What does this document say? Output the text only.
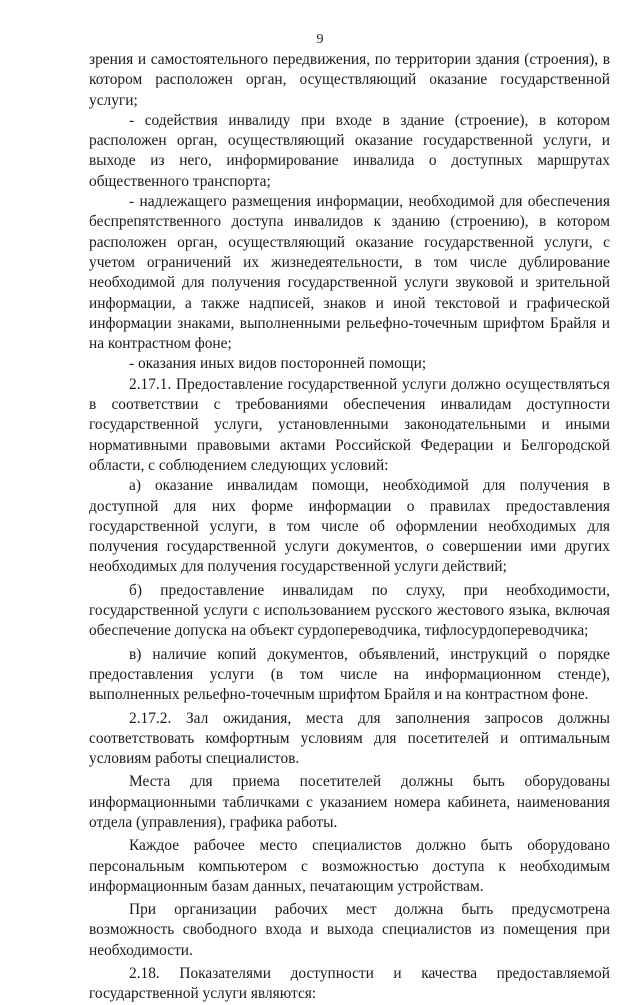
9

зрения и самостоятельного передвижения, по территории здания (строения), в котором расположен орган, осуществляющий оказание государственной услуги;

- содействия инвалиду при входе в здание (строение), в котором расположен орган, осуществляющий оказание государственной услуги, и выходе из него, информирование инвалида о доступных маршрутах общественного транспорта;

- надлежащего размещения информации, необходимой для обеспечения беспрепятственного доступа инвалидов к зданию (строению), в котором расположен орган, осуществляющий оказание государственной услуги, с учетом ограничений их жизнедеятельности, в том числе дублирование необходимой для получения государственной услуги звуковой и зрительной информации, а также надписей, знаков и иной текстовой и графической информации знаками, выполненными рельефно-точечным шрифтом Брайля и на контрастном фоне;

- оказания иных видов посторонней помощи;

2.17.1. Предоставление государственной услуги должно осуществляться в соответствии с требованиями обеспечения инвалидам доступности государственной услуги, установленными законодательными и иными нормативными правовыми актами Российской Федерации и Белгородской области, с соблюдением следующих условий:

а) оказание инвалидам помощи, необходимой для получения в доступной для них форме информации о правилах предоставления государственной услуги, в том числе об оформлении необходимых для получения государственной услуги документов, о совершении ими других необходимых для получения государственной услуги действий;

б) предоставление инвалидам по слуху, при необходимости, государственной услуги с использованием русского жестового языка, включая обеспечение допуска на объект сурдопереводчика, тифлосурдопереводчика;

в) наличие копий документов, объявлений, инструкций о порядке предоставления услуги (в том числе на информационном стенде), выполненных рельефно-точечным шрифтом Брайля и на контрастном фоне.

2.17.2. Зал ожидания, места для заполнения запросов должны соответствовать комфортным условиям для посетителей и оптимальным условиям работы специалистов.

Места для приема посетителей должны быть оборудованы информационными табличками с указанием номера кабинета, наименования отдела (управления), графика работы.

Каждое рабочее место специалистов должно быть оборудовано персональным компьютером с возможностью доступа к необходимым информационным базам данных, печатающим устройствам.

При организации рабочих мест должна быть предусмотрена возможность свободного входа и выхода специалистов из помещения при необходимости.

2.18. Показателями доступности и качества предоставляемой государственной услуги являются:
